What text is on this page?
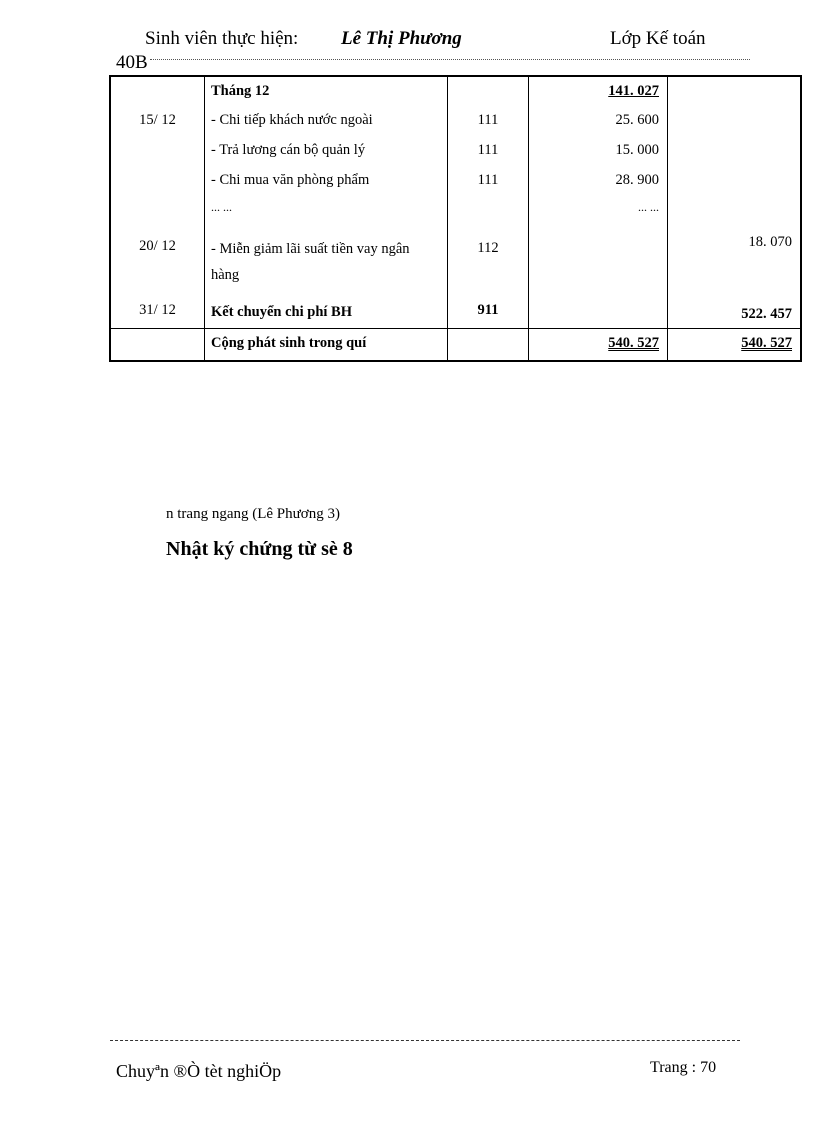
Sinh viên thực hiện: Lê Thị Phương	Lớp Kế toán
40B
	Tháng 12		141. 027	
15/ 12	- Chi tiếp khách nước ngoài	111	25. 600	
	- Trả lương cán bộ quản lý	111	15. 000	
	- Chi mua văn phòng phẩm	111	28. 900	
	... ...		... ...	
20/ 12	- Miễn giảm lãi suất tiền vay ngân hàng	112		18. 070
31/ 12	Kết chuyển chi phí BH	911		522. 457
	Cộng phát sinh trong quí		540. 527	540. 527
n trang ngang (Lê Phương 3)
Nhật ký chứng từ sè 8
Chuyªn ®Ò tèt nghiÖp	Trang : 70
